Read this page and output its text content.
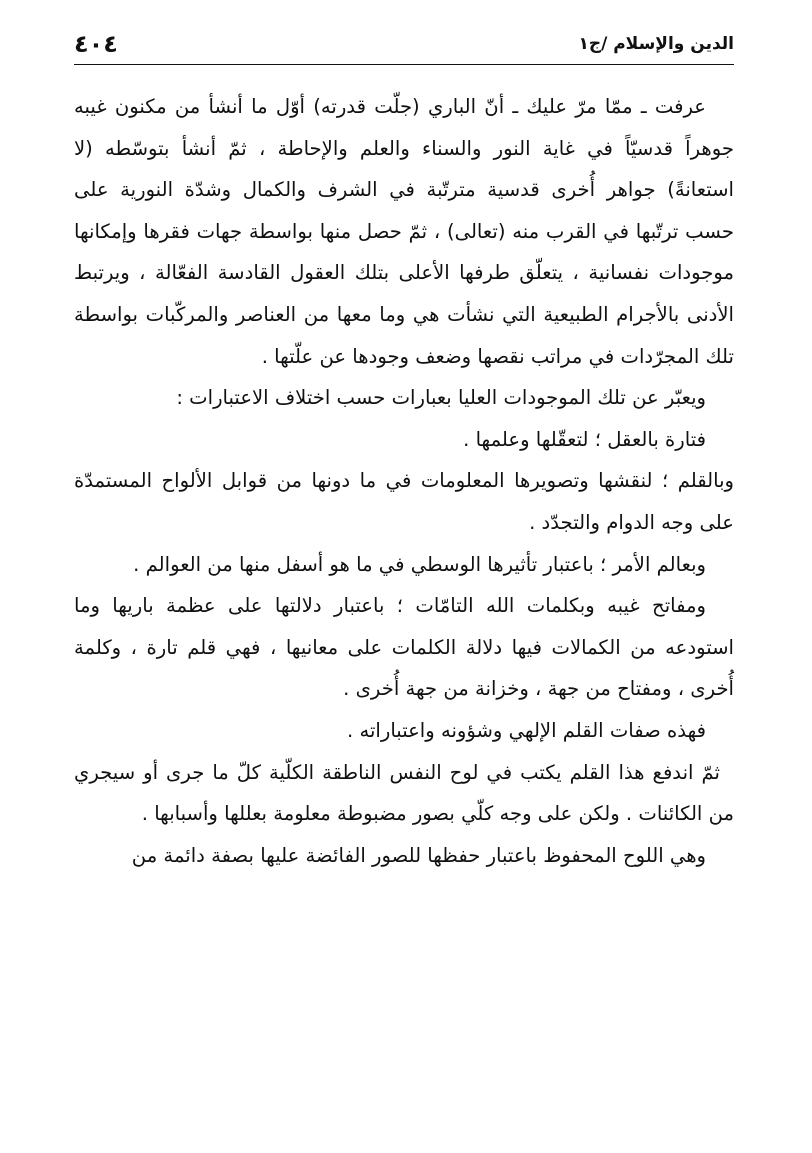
الدين والإسلام /ج١
٤٠٤

عرفت ـ ممّا مرّ عليك ـ أنّ الباري (جلّت قدرته) أوّل ما أنشأ من مكنون غيبه جوهراً قدسيّاً في غاية النور والسناء والعلم والإحاطة ، ثمّ أنشأ بتوسّطه (لا استعانةً) جواهر أُخرى قدسية مترتّبة في الشرف والكمال وشدّة النورية على حسب ترتّبها في القرب منه (تعالى) ، ثمّ حصل منها بواسطة جهات فقرها وإمكانها موجودات نفسانية ، يتعلّق طرفها الأعلى بتلك العقول القادسة الفعّالة ، ويرتبط الأدنى بالأجرام الطبيعية التي نشأت هي وما معها من العناصر والمركّبات بواسطة تلك المجرّدات في مراتب نقصها وضعف وجودها عن علّتها .

ويعبّر عن تلك الموجودات العليا بعبارات حسب اختلاف الاعتبارات :

فتارة بالعقل ؛ لتعقّلها وعلمها .

وبالقلم ؛ لنقشها وتصويرها المعلومات في ما دونها من قوابل الألواح المستمدّة على وجه الدوام والتجدّد .

وبعالم الأمر ؛ باعتبار تأثيرها الوسطي في ما هو أسفل منها من العوالم .

ومفاتح غيبه وبكلمات الله التامّات ؛ باعتبار دلالتها على عظمة باريها وما استودعه من الكمالات فيها دلالة الكلمات على معانيها ، فهي قلم تارة ، وكلمة أُخرى ، ومفتاح من جهة ، وخزانة من جهة أُخرى .

فهذه صفات القلم الإلهي وشؤونه واعتباراته .

ثمّ اندفع هذا القلم يكتب في لوح النفس الناطقة الكلّية كلّ ما جرى أو سيجري من الكائنات . ولكن على وجه كلّي بصور مضبوطة معلومة بعللها وأسبابها .

وهي اللوح المحفوظ باعتبار حفظها للصور الفائضة عليها بصفة دائمة من
